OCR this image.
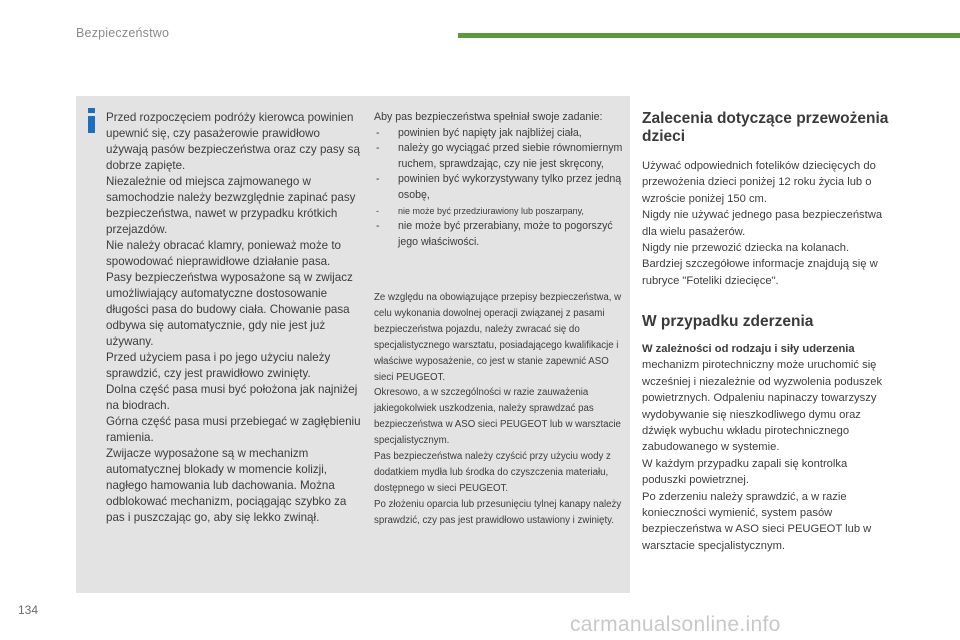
Bezpieczeństwo

Przed rozpoczęciem podróży kierowca powinien upewnić się, czy pasażerowie prawidłowo używają pasów bezpieczeństwa oraz czy pasy są dobrze zapięte.

Niezależnie od miejsca zajmowanego w samochodzie należy bezwzględnie zapinać pasy bezpieczeństwa, nawet w przypadku krótkich przejazdów.

Nie należy obracać klamry, ponieważ może to spowodować nieprawidłowe działanie pasa.

Pasy bezpieczeństwa wyposażone są w zwijacz umożliwiający automatyczne dostosowanie długości pasa do budowy ciała. Chowanie pasa odbywa się automatycznie, gdy nie jest już używany.

Przed użyciem pasa i po jego użyciu należy sprawdzić, czy jest prawidłowo zwinięty.

Dolna część pasa musi być położona jak najniżej na biodrach.

Górna część pasa musi przebiegać w zagłębieniu ramienia.

Zwijacze wyposażone są w mechanizm automatycznej blokady w momencie kolizji, nagłego hamowania lub dachowania. Można odblokować mechanizm, pociągając szybko za pas i puszczając go, aby się lekko zwinął.

Aby pas bezpieczeństwa spełniał swoje zadanie:

- powinien być napięty jak najbliżej ciała,
- należy go wyciągać przed siebie równomiernym ruchem, sprawdzając, czy nie jest skręcony,
- powinien być wykorzystywany tylko przez jedną osobę,
- nie może być przedziurawiony lub poszarpany,
- nie może być przerabiany, może to pogorszyć jego właściwości.

Ze względu na obowiązujące przepisy bezpieczeństwa, w celu wykonania dowolnej operacji związanej z pasami bezpieczeństwa pojazdu, należy zwracać się do specjalistycznego warsztatu, posiadającego kwalifikacje i właściwe wyposażenie, co jest w stanie zapewnić ASO sieci PEUGEOT.

Okresowo, a w szczególności w razie zauważenia jakiegokolwiek uszkodzenia, należy sprawdzać pas bezpieczeństwa w ASO sieci PEUGEOT lub w warsztacie specjalistycznym.

Pas bezpieczeństwa należy czyścić przy użyciu wody z dodatkiem mydła lub środka do czyszczenia materiału, dostępnego w sieci PEUGEOT.

Po złożeniu oparcia lub przesunięciu tylnej kanapy należy sprawdzić, czy pas jest prawidłowo ustawiony i zwinięty.

Zalecenia dotyczące przewożenia dzieci

Używać odpowiednich fotelików dziecięcych do przewożenia dzieci poniżej 12 roku życia lub o wzroście poniżej 150 cm.

Nigdy nie używać jednego pasa bezpieczeństwa dla wielu pasażerów.

Nigdy nie przewozić dziecka na kolanach.

Bardziej szczegółowe informacje znajdują się w rubryce "Foteliki dziecięce".

W przypadku zderzenia

W zależności od rodzaju i siły uderzenia mechanizm pirotechniczny może uruchomić się wcześniej i niezależnie od wyzwolenia poduszek powietrznych. Odpaleniu napinaczy towarzyszy wydobywanie się nieszkodliwego dymu oraz dźwięk wybuchu wkładu pirotechnicznego zabudowanego w systemie.

W każdym przypadku zapali się kontrolka poduszki powietrznej.

Po zderzeniu należy sprawdzić, a w razie konieczności wymienić, system pasów bezpieczeństwa w ASO sieci PEUGEOT lub w warsztacie specjalistycznym.

134
carmanualsonline.info
